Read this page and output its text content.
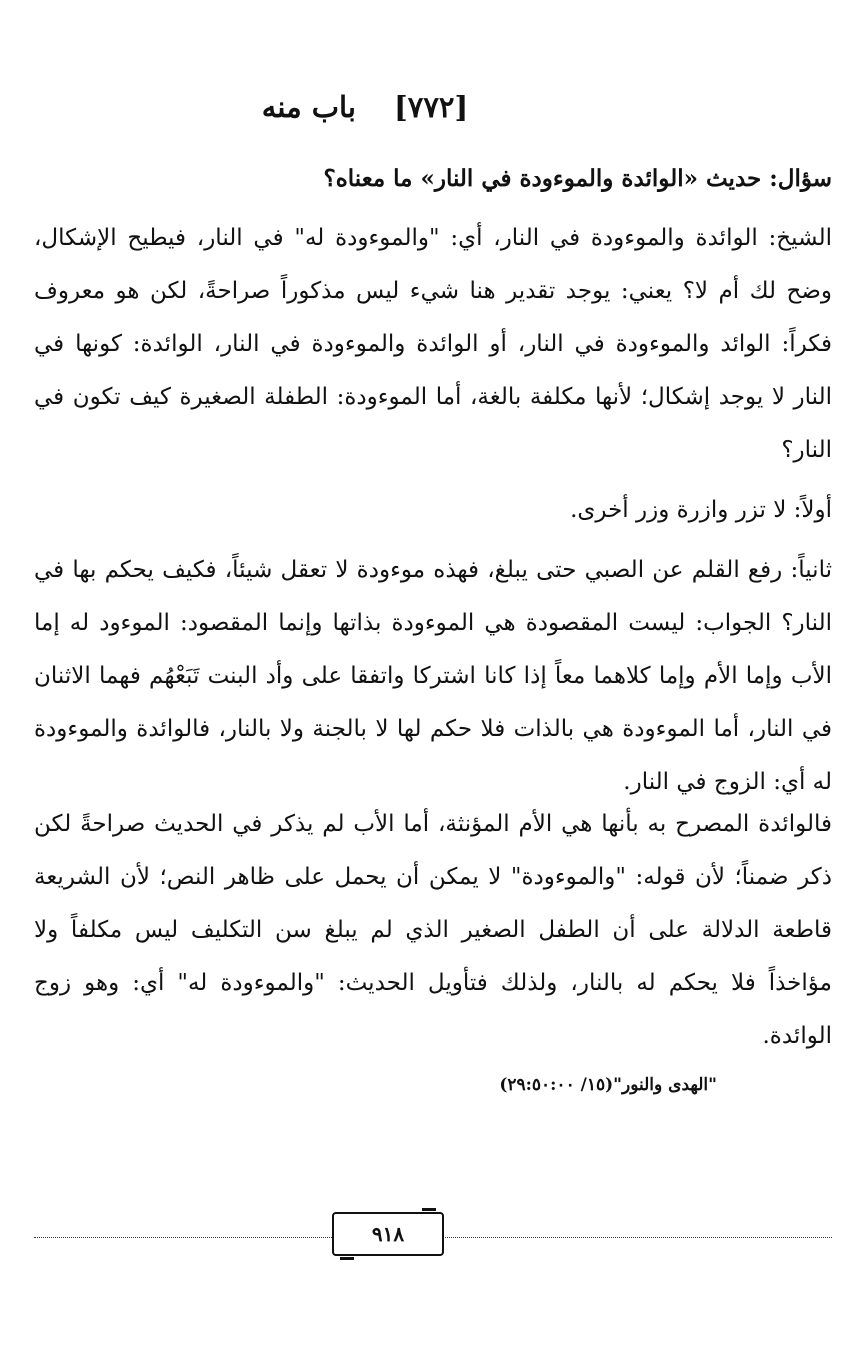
[٧٧٢] باب منه

سؤال: حديث «الوائدة والموءودة في النار» ما معناه؟

الشيخ: الوائدة والموءودة في النار، أي: "والموءودة له" في النار، فيطيح الإشكال، وضح لك أم لا؟ يعني: يوجد تقدير هنا شيء ليس مذكوراً صراحةً، لكن هو معروف فكراً: الوائد والموءودة في النار، أو الوائدة والموءودة في النار، الوائدة: كونها في النار لا يوجد إشكال؛ لأنها مكلفة بالغة، أما الموءودة: الطفلة الصغيرة كيف تكون في النار؟

أولاً: لا تزر وازرة وزر أخرى.

ثانياً: رفع القلم عن الصبي حتى يبلغ، فهذه موءودة لا تعقل شيئاً، فكيف يحكم بها في النار؟ الجواب: ليست المقصودة هي الموءودة بذاتها وإنما المقصود: الموءود له إما الأب وإما الأم وإما كلاهما معاً إذا كانا اشتركا واتفقا على وأد البنت تَبَعْهُم فهما الاثنان في النار، أما الموءودة هي بالذات فلا حكم لها لا بالجنة ولا بالنار، فالوائدة والموءودة له أي: الزوج في النار.

فالوائدة المصرح به بأنها هي الأم المؤنثة، أما الأب لم يذكر في الحديث صراحةً لكن ذكر ضمناً؛ لأن قوله: "والموءودة" لا يمكن أن يحمل على ظاهر النص؛ لأن الشريعة قاطعة الدلالة على أن الطفل الصغير الذي لم يبلغ سن التكليف ليس مكلفاً ولا مؤاخذاً فلا يحكم له بالنار، ولذلك فتأويل الحديث: "والموءودة له" أي: وهو زوج الوائدة.

"الهدى والنور"(١٥/ ٢٩:٥٠:٠٠)
٩١٨
